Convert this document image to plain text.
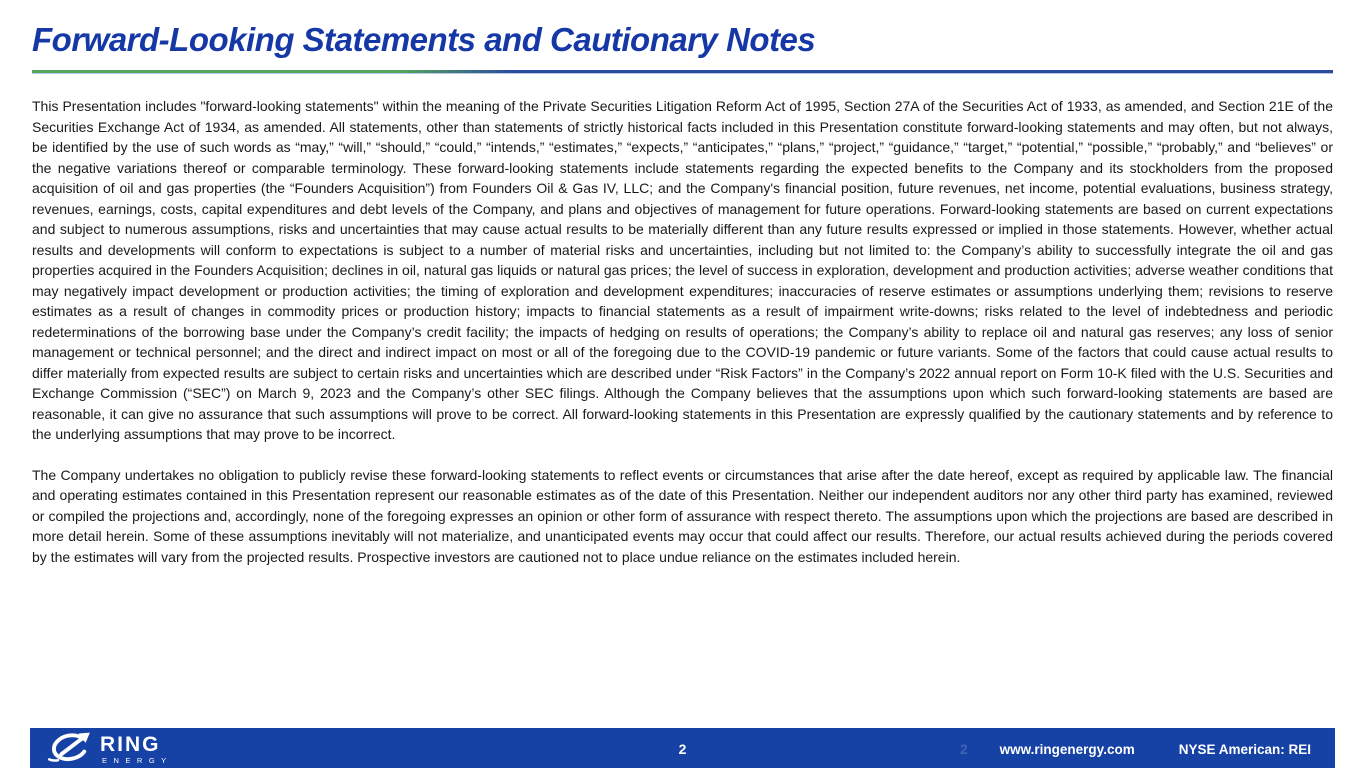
Forward-Looking Statements and Cautionary Notes

This Presentation includes "forward-looking statements" within the meaning of the Private Securities Litigation Reform Act of 1995, Section 27A of the Securities Act of 1933, as amended, and Section 21E of the Securities Exchange Act of 1934, as amended. All statements, other than statements of strictly historical facts included in this Presentation constitute forward-looking statements and may often, but not always, be identified by the use of such words as “may,” “will,” “should,” “could,” “intends,” “estimates,” “expects,” “anticipates,” “plans,” “project,” “guidance,” “target,” “potential,” “possible,” “probably,” and “believes” or the negative variations thereof or comparable terminology. These forward-looking statements include statements regarding the expected benefits to the Company and its stockholders from the proposed acquisition of oil and gas properties (the “Founders Acquisition”) from Founders Oil & Gas IV, LLC; and the Company's financial position, future revenues, net income, potential evaluations, business strategy, revenues, earnings, costs, capital expenditures and debt levels of the Company, and plans and objectives of management for future operations. Forward-looking statements are based on current expectations and subject to numerous assumptions, risks and uncertainties that may cause actual results to be materially different than any future results expressed or implied in those statements. However, whether actual results and developments will conform to expectations is subject to a number of material risks and uncertainties, including but not limited to: the Company’s ability to successfully integrate the oil and gas properties acquired in the Founders Acquisition; declines in oil, natural gas liquids or natural gas prices; the level of success in exploration, development and production activities; adverse weather conditions that may negatively impact development or production activities; the timing of exploration and development expenditures; inaccuracies of reserve estimates or assumptions underlying them; revisions to reserve estimates as a result of changes in commodity prices or production history; impacts to financial statements as a result of impairment write-downs; risks related to the level of indebtedness and periodic redeterminations of the borrowing base under the Company’s credit facility; the impacts of hedging on results of operations; the Company’s ability to replace oil and natural gas reserves; any loss of senior management or technical personnel; and the direct and indirect impact on most or all of the foregoing due to the COVID-19 pandemic or future variants. Some of the factors that could cause actual results to differ materially from expected results are subject to certain risks and uncertainties which are described under “Risk Factors” in the Company’s 2022 annual report on Form 10-K filed with the U.S. Securities and Exchange Commission (“SEC”) on March 9, 2023 and the Company’s other SEC filings. Although the Company believes that the assumptions upon which such forward-looking statements are based are reasonable, it can give no assurance that such assumptions will prove to be correct. All forward-looking statements in this Presentation are expressly qualified by the cautionary statements and by reference to the underlying assumptions that may prove to be incorrect.

The Company undertakes no obligation to publicly revise these forward-looking statements to reflect events or circumstances that arise after the date hereof, except as required by applicable law. The financial and operating estimates contained in this Presentation represent our reasonable estimates as of the date of this Presentation. Neither our independent auditors nor any other third party has examined, reviewed or compiled the projections and, accordingly, none of the foregoing expresses an opinion or other form of assurance with respect thereto. The assumptions upon which the projections are based are described in more detail herein. Some of these assumptions inevitably will not materialize, and unanticipated events may occur that could affect our results. Therefore, our actual results achieved during the periods covered by the estimates will vary from the projected results. Prospective investors are cautioned not to place undue reliance on the estimates included herein.

RING
ENERGY
2	2 www.ringenergy.com	NYSE American: REI
